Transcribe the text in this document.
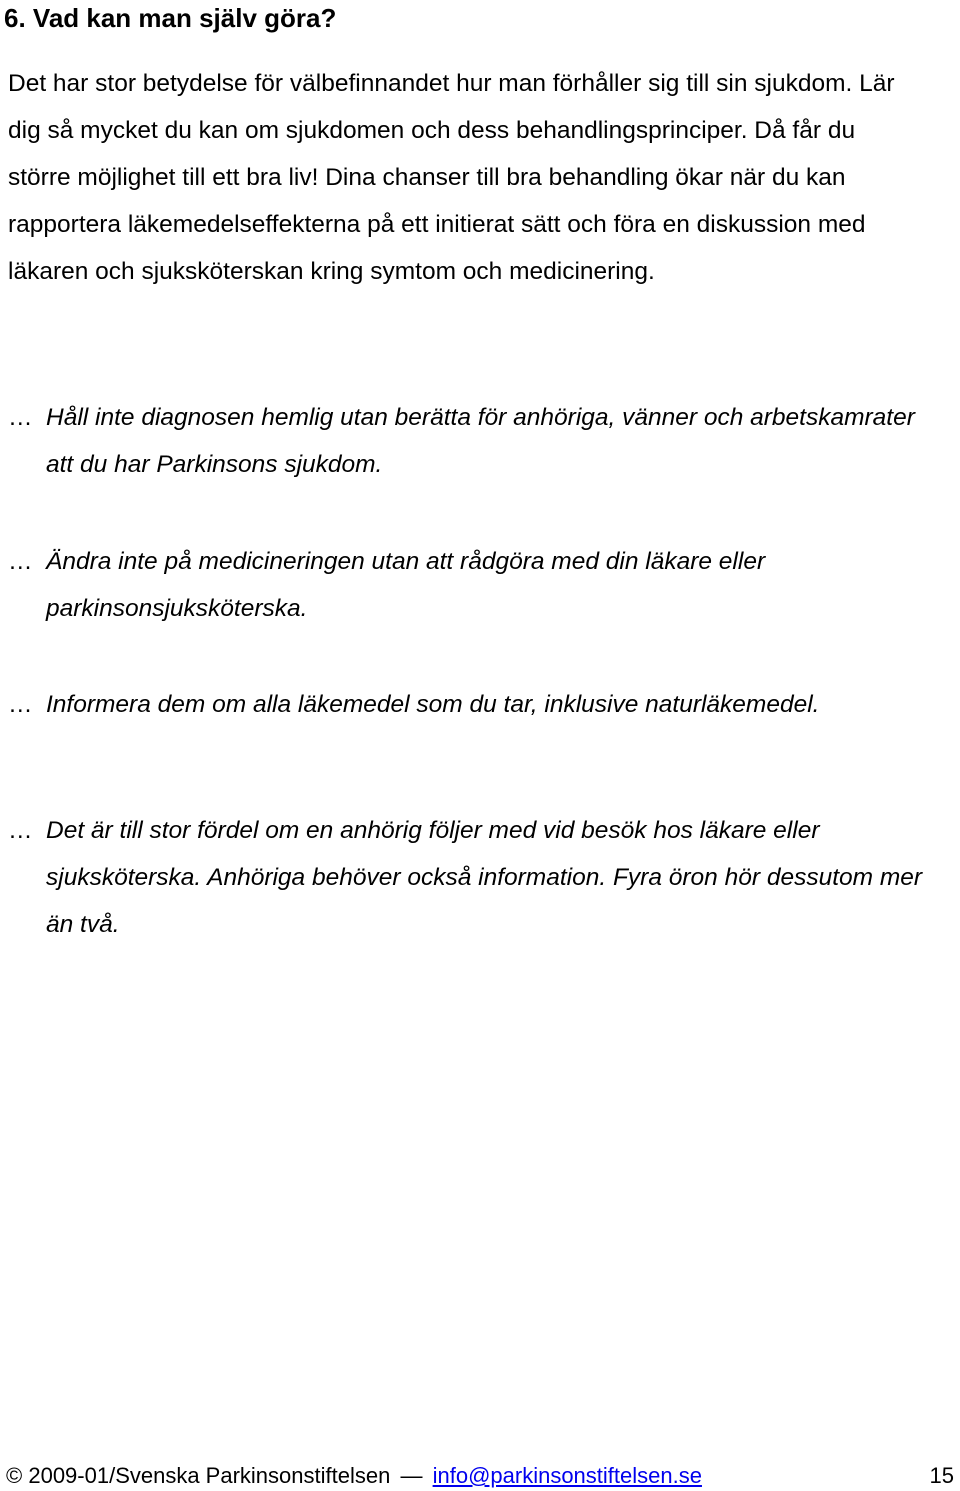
6. Vad kan man själv göra?

Det har stor betydelse för välbefinnandet hur man förhåller sig till sin sjukdom. Lär dig så mycket du kan om sjukdomen och dess behandlingsprinciper. Då får du större möjlighet till ett bra liv! Dina chanser till bra behandling ökar när du kan rapportera läkemedelseffekterna på ett initierat sätt och föra en diskussion med läkaren och sjuksköterskan kring symtom och medicinering.

… Håll inte diagnosen hemlig utan berätta för anhöriga, vänner och arbetskamrater att du har Parkinsons sjukdom.
… Ändra inte på medicineringen utan att rådgöra med din läkare eller parkinsonsjuksköterska.
… Informera dem om alla läkemedel som du tar, inklusive naturläkemedel.
… Det är till stor fördel om en anhörig följer med vid besök hos läkare eller sjuksköterska. Anhöriga behöver också information. Fyra öron hör dessutom mer än två.
© 2009-01/Svenska Parkinsonstiftelsen — info@parkinsonstiftelsen.se	15
